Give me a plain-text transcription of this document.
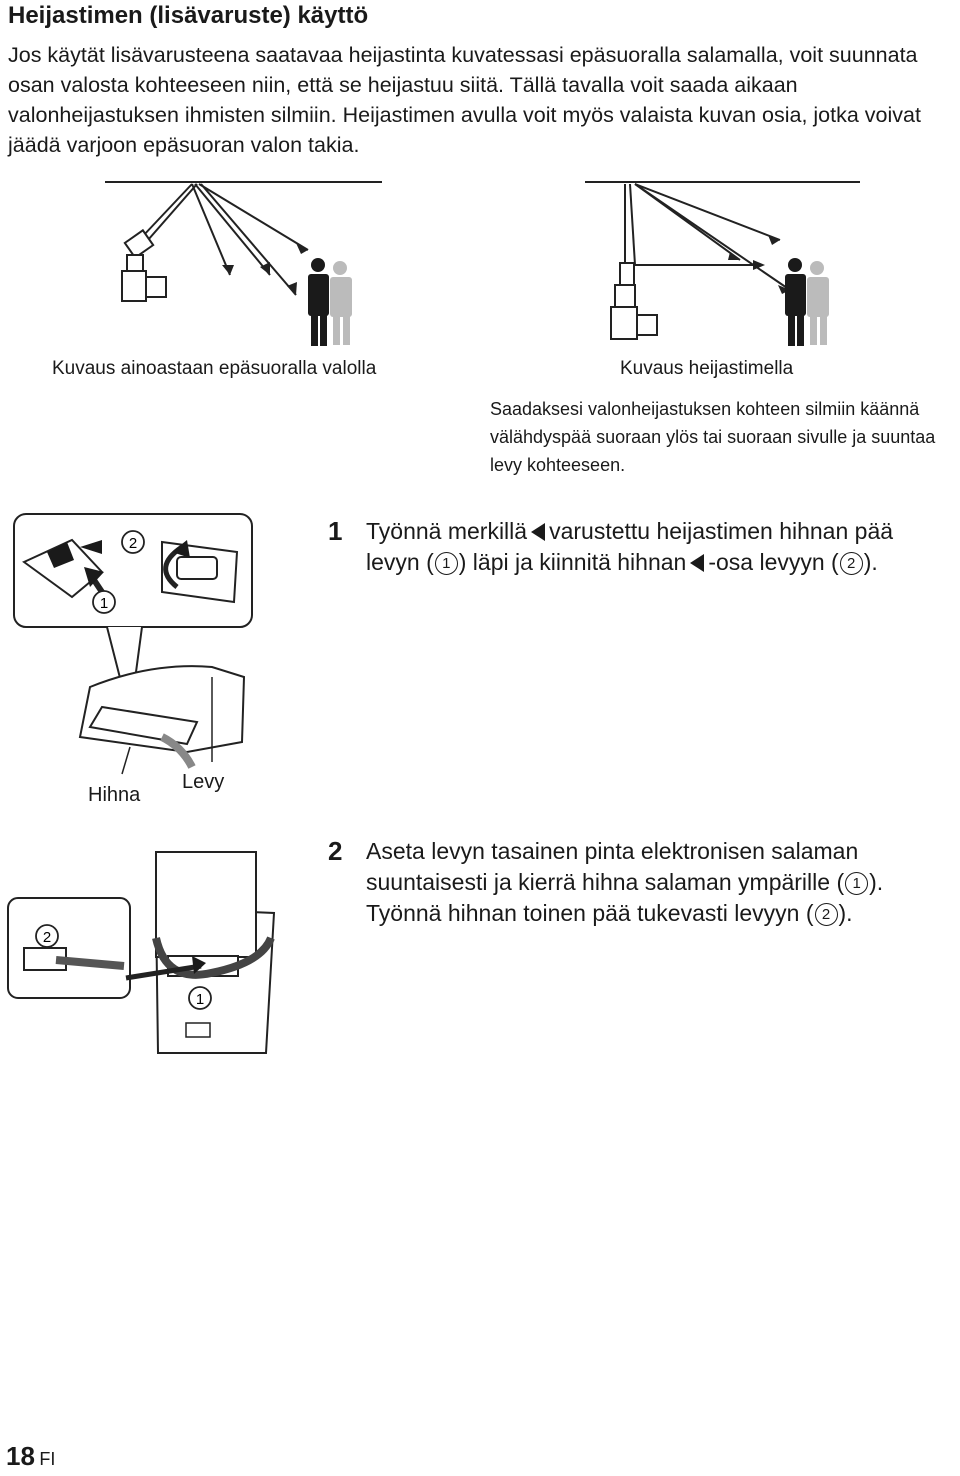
Heijastimen (lisävaruste) käyttö
Jos käytät lisävarusteena saatavaa heijastinta kuvatessasi epäsuoralla salamalla, voit suunnata osan valosta kohteeseen niin, että se heijastuu siitä. Tällä tavalla voit saada aikaan valonheijastuksen ihmisten silmiin. Heijastimen avulla voit myös valaista kuvan osia, jotka voivat jäädä varjoon epäsuoran valon takia.
Kuvaus ainoastaan epäsuoralla valolla	Kuvaus heijastimella
Saadaksesi valonheijastuksen kohteen silmiin käännä välähdyspää suoraan ylös tai suoraan sivulle ja suuntaa levy kohteeseen.
2
1
Hihna
Levy
1 Työnnä merkillä varustettu heijastimen hihnan pää levyn ( 1 ) läpi ja kiinnitä hihnan -osa levyyn ( 2 ).
2
1
2 Aseta levyn tasainen pinta elektronisen salaman suuntaisesti ja kierrä hihna salaman ympärille ( 1 ). Työnnä hihnan toinen pää tukevasti levyyn ( 2 ).
18 FI
